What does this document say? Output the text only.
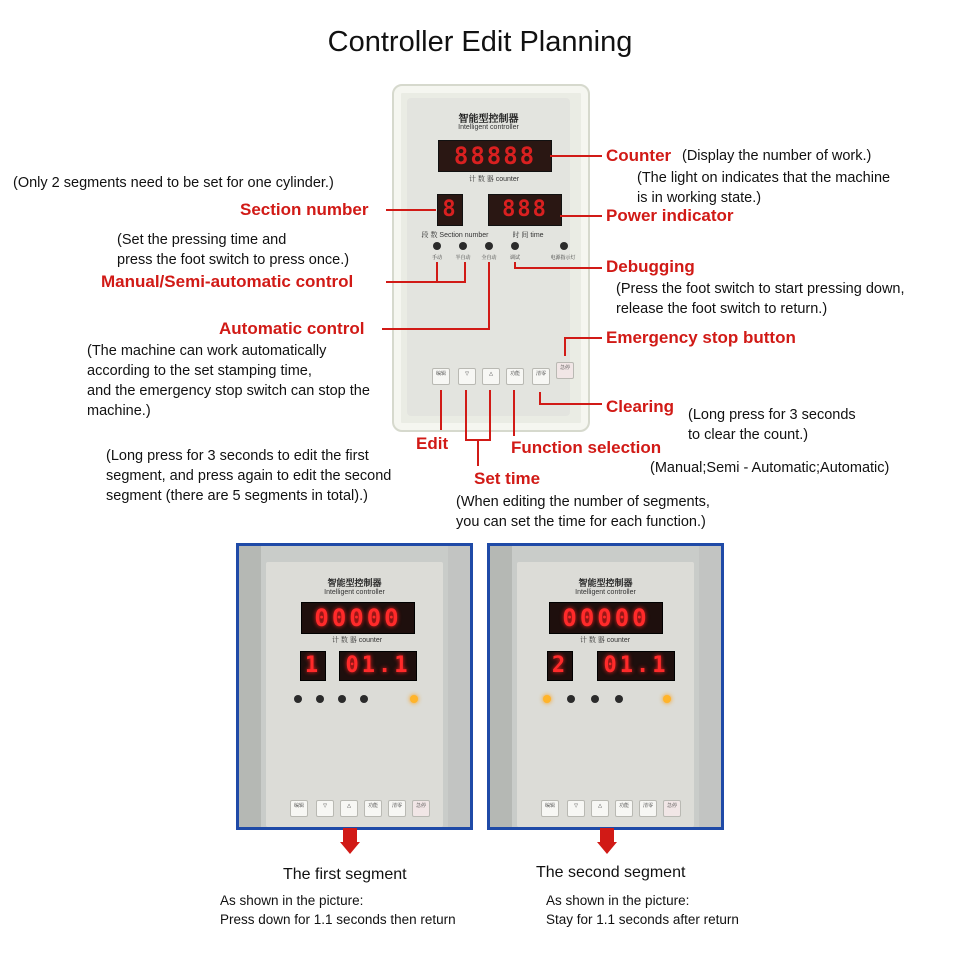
Controller Edit Planning
智能型控制器
Intelligent controller
88888
计 数 器 counter
8	888
段 数 Section number	时 间 time
手动	半自动	全自动	调试	电源指示灯
编辑	▽	△	功能	清零
急停
Counter (Display the number of work.)
(The light on indicates that the machine
is in working state.)
(Only 2 segments need to be set for one cylinder.)
Section number	Power indicator
(Set the pressing time and
press the foot switch to press once.)
Manual/Semi-automatic control
Debugging
(Press the foot switch to start pressing down,
release the foot switch to return.)
Automatic control
(The machine can work automatically
according to the set stamping time,
and the emergency stop switch can stop the
machine.)
Emergency stop button
Clearing (Long press for 3 seconds
to clear the count.)
Edit
(Long press for 3 seconds to edit the first
segment, and press again to edit the second
segment (there are 5 segments in total).)
Function selection
(Manual;Semi - Automatic;Automatic)
Set time
(When editing the number of segments,
you can set the time for each function.)
智能型控制器
Intelligent controller
00000
计 数 器 counter
1 01.1
编辑	▽	△	功能	清零	急停
智能型控制器
Intelligent controller
00000
计 数 器 counter
2 01.1
编辑	▽	△	功能	清零	急停
The first segment
As shown in the picture:
Press down for 1.1 seconds then return
The second segment
As shown in the picture:
Stay for 1.1 seconds after return
